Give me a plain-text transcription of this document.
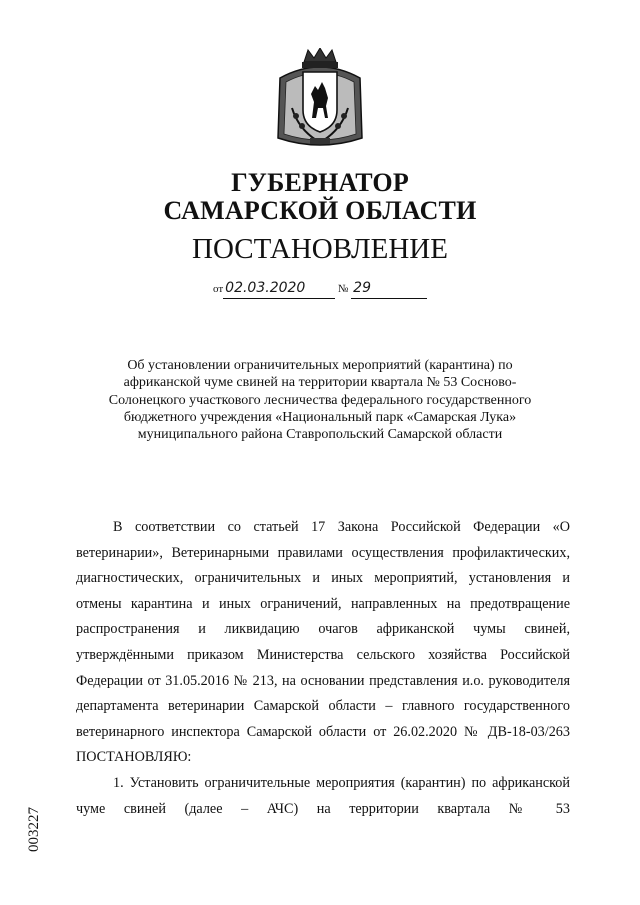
ГУБЕРНАТОР
САМАРСКОЙ ОБЛАСТИ
ПОСТАНОВЛЕНИЕ
от 02.03.2020	№ 29
Об установлении ограничительных мероприятий (карантина) по африканской чуме свиней на территории квартала № 53 Сосново-Солонецкого участкового лесничества федерального государственного бюджетного учреждения «Национальный парк «Самарская Лука» муниципального района Ставропольский Самарской области

В соответствии со статьей 17 Закона Российской Федерации «О ветеринарии», Ветеринарными правилами осуществления профилактических, диагностических, ограничительных и иных мероприятий, установления и отмены карантина и иных ограничений, направленных на предотвращение распространения и ликвидацию очагов африканской чумы свиней, утверждёнными приказом Министерства сельского хозяйства Российской Федерации от 31.05.2016 № 213, на основании представления и.о. руководителя департамента ветеринарии Самарской области – главного государственного ветеринарного инспектора Самарской области от 26.02.2020 № ДВ-18-03/263

ПОСТАНОВЛЯЮ:

1. Установить ограничительные мероприятия (карантин) по африканской чуме свиней (далее – АЧС) на территории квартала № 53

003227
